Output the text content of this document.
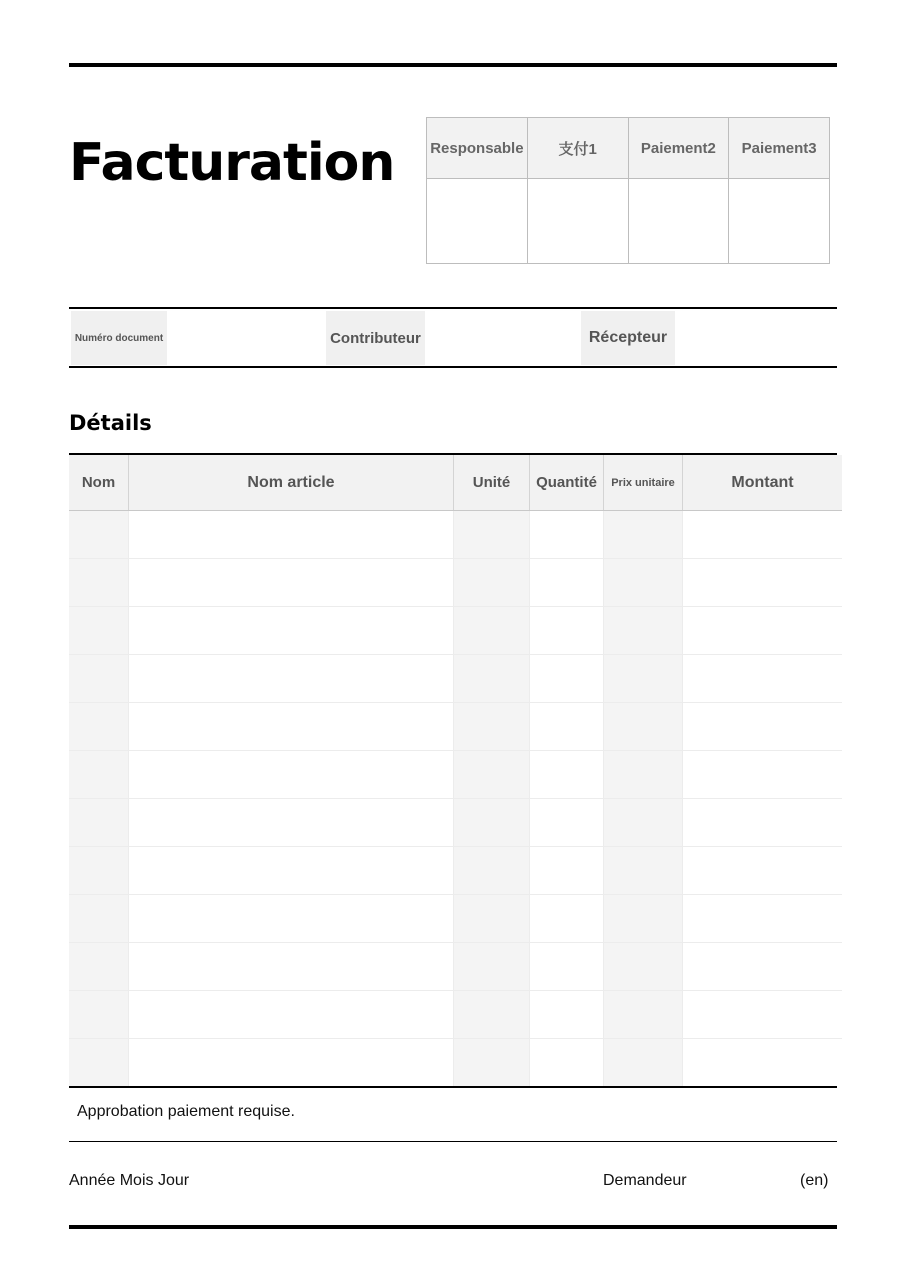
Facturation Responsable	支付1	Paiement2	Paiement3

Numéro document	Contributeur	Récepteur
Détails
Nom	Nom article	Unité	Quantité	Prix unitaire	Montant

Approbation paiement requise.
Année Mois Jour	Demandeur	(en)
